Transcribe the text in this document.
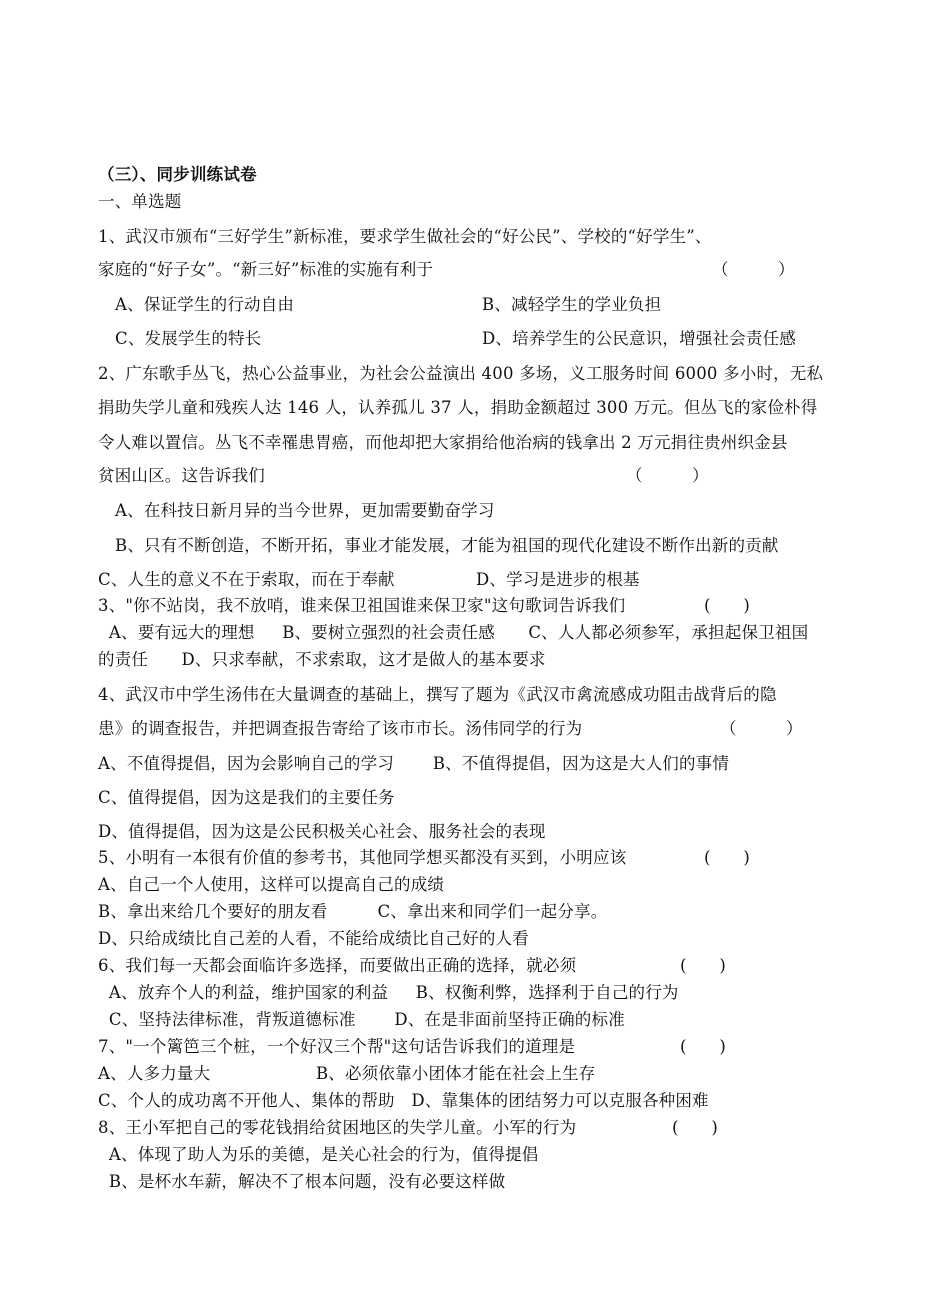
（三）、同步训练试卷
一、单选题
1、武汉市颁布“三好学生”新标准，要求学生做社会的“好公民”、学校的“好学生”、
家庭的“好子女”。“新三好”标准的实施有利于	（　　　）
A、保证学生的行动自由	B、减轻学生的学业负担
C、发展学生的特长	D、培养学生的公民意识，增强社会责任感
2、广东歌手丛飞，热心公益事业，为社会公益演出 400 多场，义工服务时间 6000 多小时，无私
捐助失学儿童和残疾人达 146 人，认养孤儿 37 人，捐助金额超过 300 万元。但丛飞的家俭朴得
令人难以置信。丛飞不幸罹患胃癌，而他却把大家捐给他治病的钱拿出 2 万元捐往贵州织金县
贫困山区。这告诉我们	（　　　）
A、在科技日新月异的当今世界，更加需要勤奋学习
B、只有不断创造，不断开拓，事业才能发展，才能为祖国的现代化建设不断作出新的贡献
C、人生的意义不在于索取，而在于奉献	D、学习是进步的根基
3、"你不站岗，我不放哨，谁来保卫祖国谁来保卫家"这句歌词告诉我们	(　　)
A、要有远大的理想　  B、要树立强烈的社会责任感　　C、人人都必须参军，承担起保卫祖国
的责任　　D、只求奉献，不求索取，这才是做人的基本要求
4、武汉市中学生汤伟在大量调查的基础上，撰写了题为《武汉市禽流感成功阻击战背后的隐
患》的调查报告，并把调查报告寄给了该市市长。汤伟同学的行为	（　　　）
A、不值得提倡，因为会影响自己的学习　　 B、不值得提倡，因为这是大人们的事情
C、值得提倡，因为这是我们的主要任务
D、值得提倡，因为这是公民积极关心社会、服务社会的表现
5、小明有一本很有价值的参考书，其他同学想买都没有买到，小明应该	(　　)
A、自己一个人使用，这样可以提高自己的成绩
B、拿出来给几个要好的朋友看　　　C、拿出来和同学们一起分享。
D、只给成绩比自己差的人看，不能给成绩比自己好的人看
6、我们每一天都会面临许多选择，而要做出正确的选择，就必须	(　　)
A、放弃个人的利益，维护国家的利益　  B、权衡利弊，选择利于自己的行为
C、坚持法律标准，背叛道德标准　　 D、在是非面前坚持正确的标准
7、"一个篱笆三个桩，一个好汉三个帮"这句话告诉我们的道理是	(　　)
A、人多力量大　　　　　　 B、必须依靠小团体才能在社会上生存
C、个人的成功离不开他人、集体的帮助　D、靠集体的团结努力可以克服各种困难
8、王小军把自己的零花钱捐给贫困地区的失学儿童。小军的行为	(　　)
A、体现了助人为乐的美德，是关心社会的行为，值得提倡
B、是杯水车薪，解决不了根本问题，没有必要这样做
